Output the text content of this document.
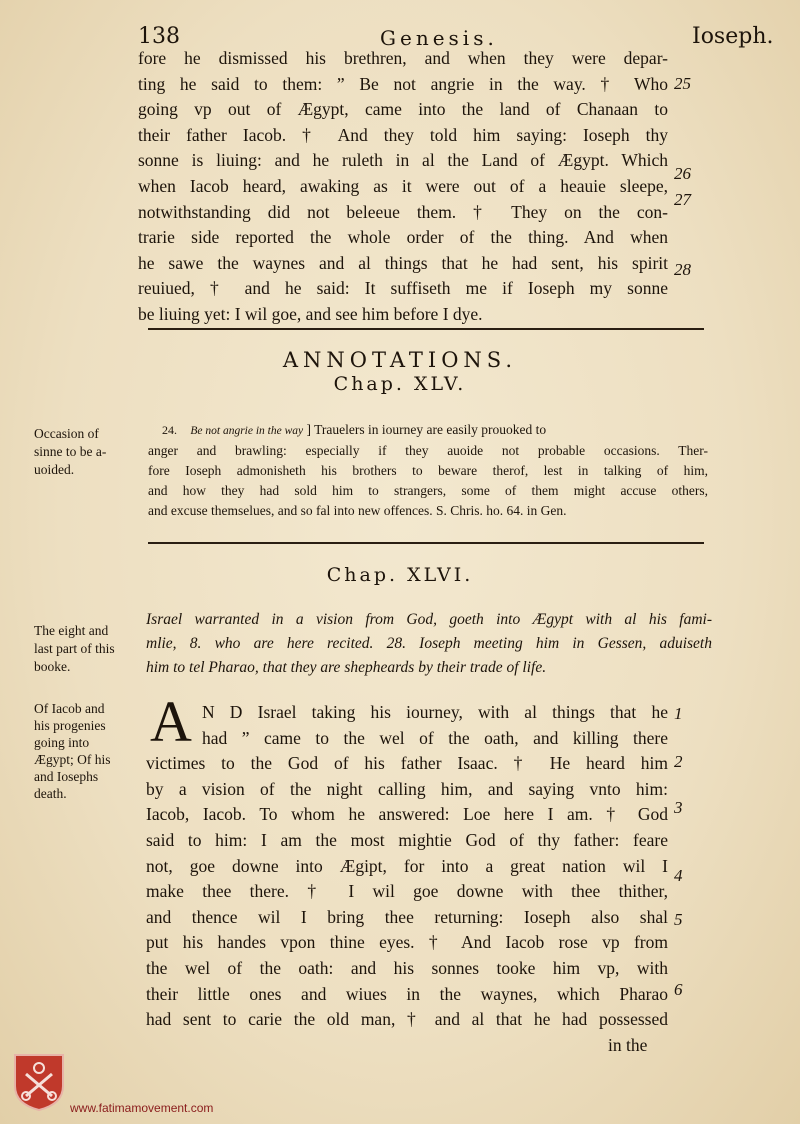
138	Genesis.	Ioseph.
fore he dismissed his brethren, and when they were depar-
ting he said to them: ” Be not angrie in the way. † Who
going vp out of Ægypt, came into the land of Chanaan to
their father Iacob. † And they told him saying: Ioseph thy
sonne is liuing: and he ruleth in al the Land of Ægypt. Which
when Iacob heard, awaking as it were out of a heauie sleepe,
notwithstanding did not beleeue them. † They on the con-
trarie side reported the whole order of the thing. And when
he sawe the waynes and al things that he had sent, his spirit
reuiued, † and he said: It suffiseth me if Ioseph my sonne
be liuing yet: I wil goe, and see him before I dye.
25
26
27
28
ANNOTATIONS.
Chap. XLV.
Occasion of
sinne to be a-
uoided.
24. Be not angrie in the way ] Trauelers in iourney are easily prouoked to
anger and brawling: especially if they auoide not probable occasions. Ther-
fore Ioseph admonisheth his brothers to beware therof, lest in talking of him,
and how they had sold him to strangers, some of them might accuse others,
and excuse themselues, and so fal into new offences. S. Chris. ho. 64. in Gen.
Chap. XLVI.
The eight and
last part of this
booke.
Israel warranted in a vision from God, goeth into Ægypt with al his fami-
mlie, 8. who are here recited. 28. Ioseph meeting him in Gessen, aduiseth
him to tel Pharao, that they are shepheards by their trade of life.
Of Iacob and
his progenies
going into
Ægypt; Of his
and Iosephs
death.
A N D Israel taking his iourney, with al things that he
had ” came to the wel of the oath, and killing there
victimes to the God of his father Isaac. † He heard him
by a vision of the night calling him, and saying vnto him:
Iacob, Iacob. To whom he answered: Loe here I am. † God
said to him: I am the most mightie God of thy father: feare
not, goe downe into Ægipt, for into a great nation wil I
make thee there. † I wil goe downe with thee thither,
and thence wil I bring thee returning: Ioseph also shal
put his handes vpon thine eyes. † And Iacob rose vp from
the wel of the oath: and his sonnes tooke him vp, with
their little ones and wiues in the waynes, which Pharao
had sent to carie the old man, † and al that he had possessed
in the
1
2
3
4
5
6
www.fatimamovement.com
